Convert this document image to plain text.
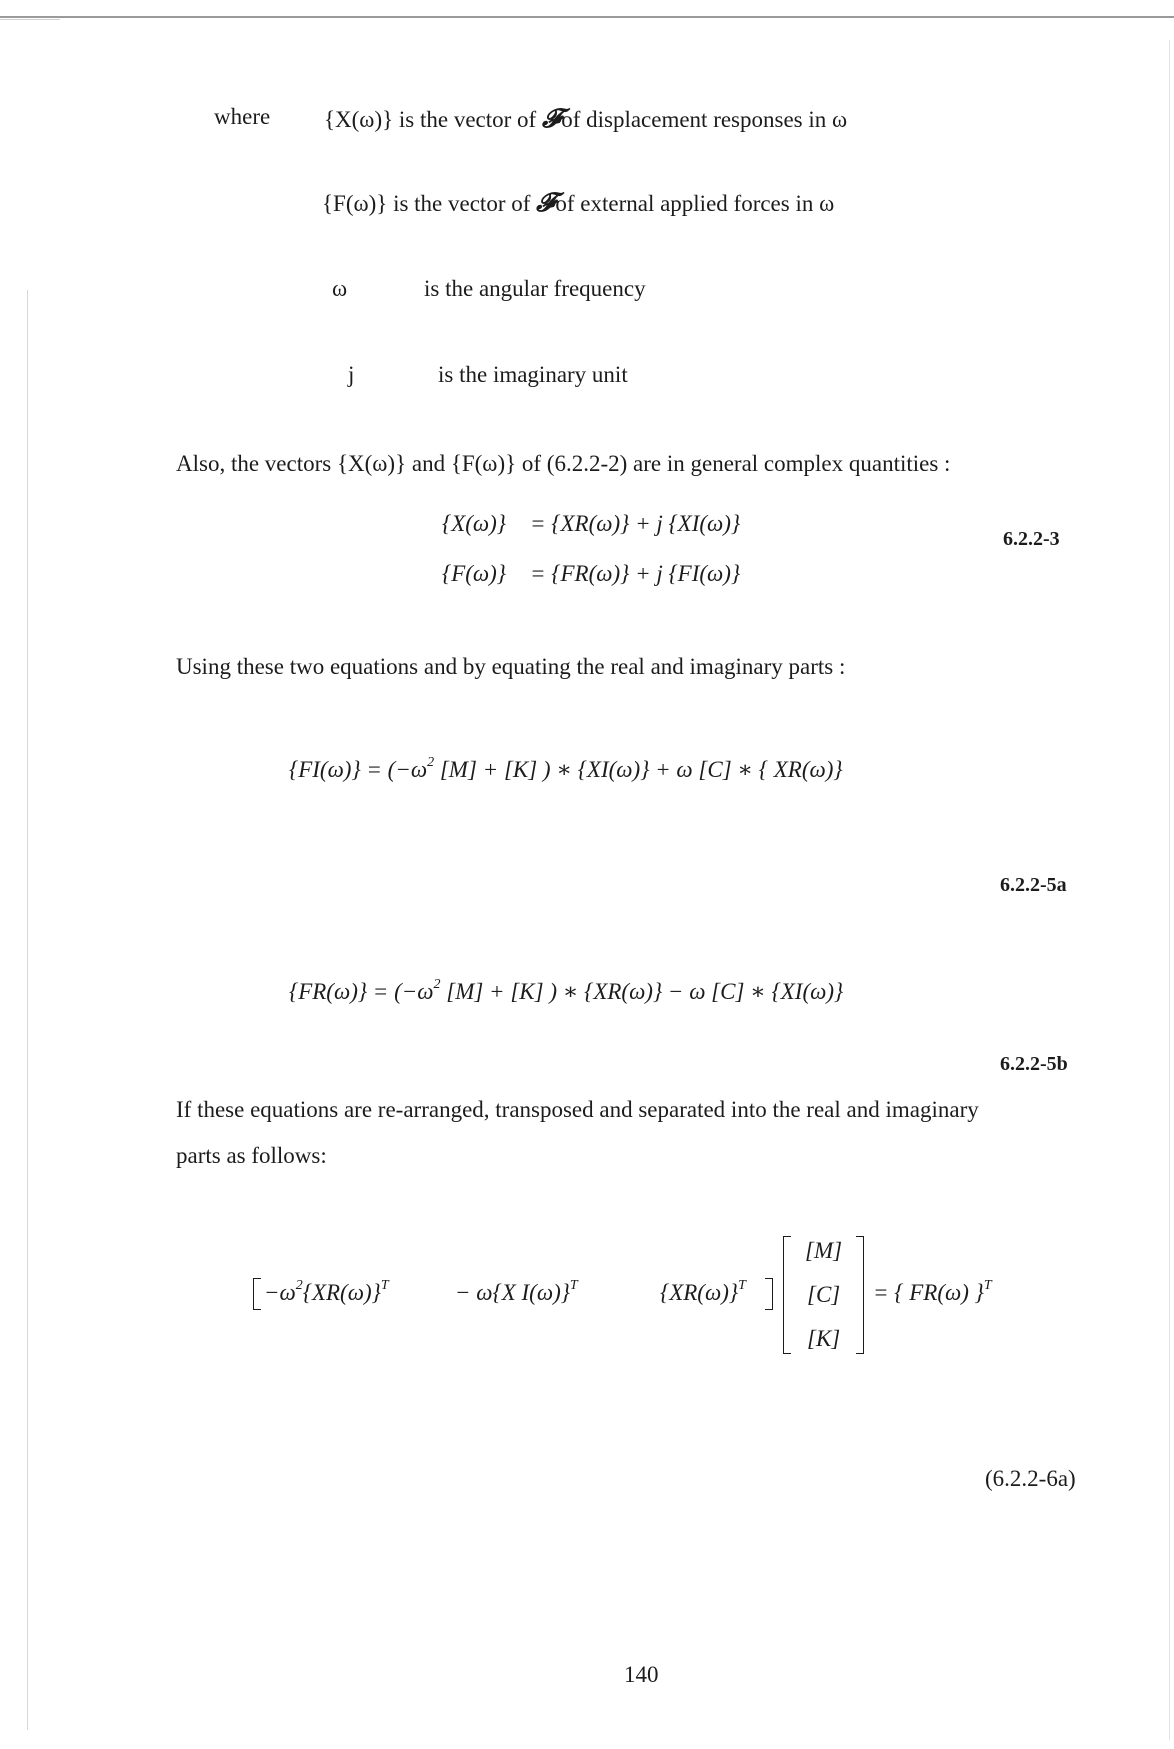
where {X(ω)} is the vector of 𝓕of displacement responses in ω
{F(ω)} is the vector of 𝓕of external applied forces in ω
ω	is the angular frequency
j	is the imaginary unit
Also, the vectors {X(ω)} and {F(ω)} of (6.2.2-2) are in general complex quantities :
{X(ω)} = {XR(ω)} + j {XI(ω)}
{F(ω)} = {FR(ω)} + j {FI(ω)}
6.2.2-3
Using these two equations and by equating the real and imaginary parts :
$\{FI(\omega)\} = (-\omega^2$ [M] + [K] ) ∗ {XI(ω)} + ω [C] ∗ { XR(ω)}
6.2.2-5a
$\{FR(\omega)\} = (-\omega^2$ [M] + [K] ) ∗ {XR(ω)} − ω [C] ∗ {XI(ω)}
6.2.2-5b
If these equations are re-arranged, transposed and separated into the real and imaginary
parts as follows:
$-\omega^2\{XR(\omega)\}^T$	− ω{X I(ω)}$^T$	$\{XR(\omega)\}^T$
[M]
[C]
[K]
= { FR(ω) }$^T$
(6.2.2-6a)
140
